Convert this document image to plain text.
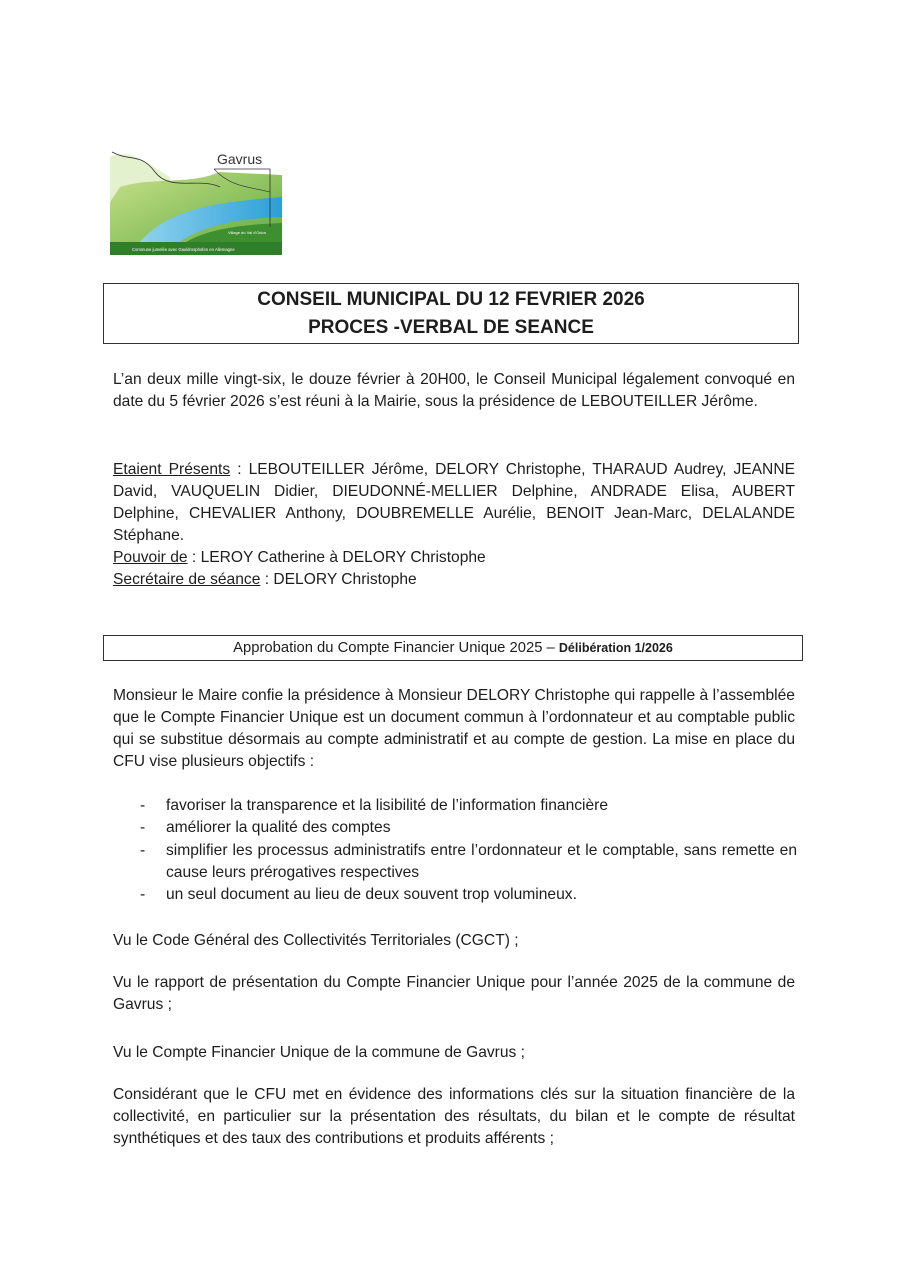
Gavrus
Village du Val d'Odon
Commune jumelée avec Gauldrosphofen en Allemagne
CONSEIL MUNICIPAL DU 12 FEVRIER 2026
PROCES -VERBAL DE SEANCE

L’an deux mille vingt-six, le douze février à 20H00, le Conseil Municipal légalement convoqué en date du 5 février 2026 s’est réuni à la Mairie, sous la présidence de LEBOUTEILLER Jérôme.

Etaient Présents : LEBOUTEILLER Jérôme, DELORY Christophe, THARAUD Audrey, JEANNE David, VAUQUELIN Didier, DIEUDONNÉ-MELLIER Delphine, ANDRADE Elisa, AUBERT Delphine, CHEVALIER Anthony, DOUBREMELLE Aurélie, BENOIT Jean-Marc, DELALANDE Stéphane.

Pouvoir de : LEROY Catherine à DELORY Christophe

Secrétaire de séance : DELORY Christophe

Approbation du Compte Financier Unique 2025 – Délibération 1/2026

Monsieur le Maire confie la présidence à Monsieur DELORY Christophe qui rappelle à l’assemblée que le Compte Financier Unique est un document commun à l’ordonnateur et au comptable public qui se substitue désormais au compte administratif et au compte de gestion. La mise en place du CFU vise plusieurs objectifs :

- favoriser la transparence et la lisibilité de l’information financière
- améliorer la qualité des comptes
- simplifier les processus administratifs entre l’ordonnateur et le comptable, sans remette en cause leurs prérogatives respectives
- un seul document au lieu de deux souvent trop volumineux.

Vu le Code Général des Collectivités Territoriales (CGCT) ;

Vu le rapport de présentation du Compte Financier Unique pour l’année 2025 de la commune de Gavrus ;

Vu le Compte Financier Unique de la commune de Gavrus ;

Considérant que le CFU met en évidence des informations clés sur la situation financière de la collectivité, en particulier sur la présentation des résultats, du bilan et le compte de résultat synthétiques et des taux des contributions et produits afférents ;
